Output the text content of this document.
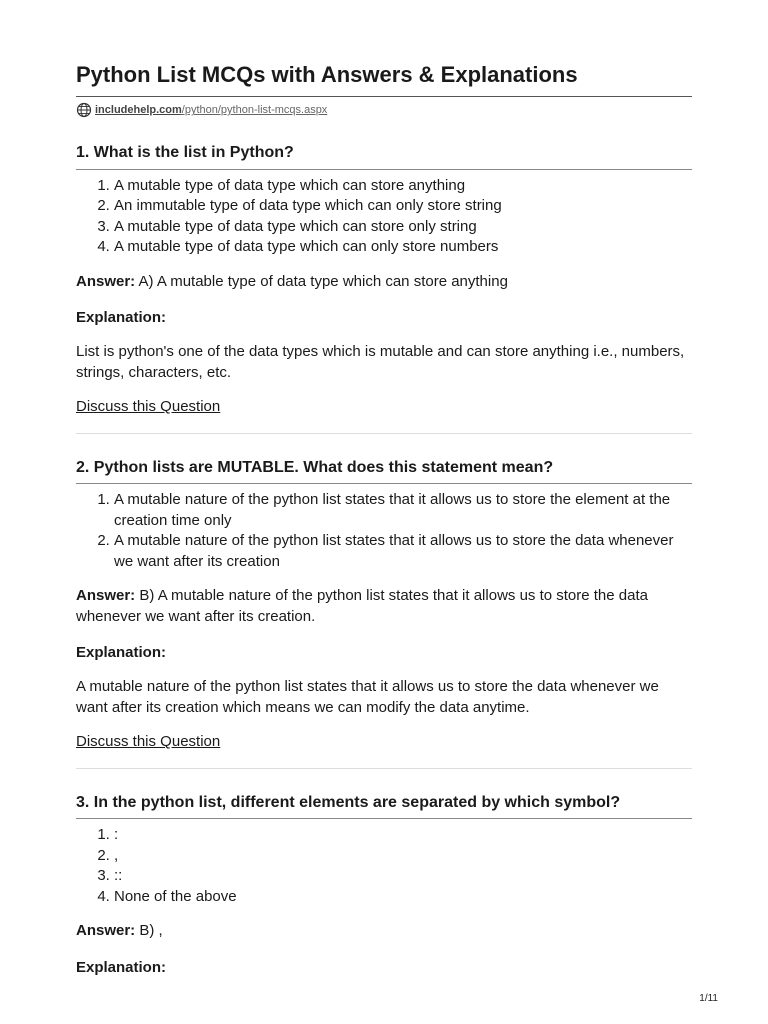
Python List MCQs with Answers & Explanations
includehelp.com /python/python-list-mcqs.aspx
1. What is the list in Python?
1. A mutable type of data type which can store anything
2. An immutable type of data type which can only store string
3. A mutable type of data type which can store only string
4. A mutable type of data type which can only store numbers

Answer: A) A mutable type of data type which can store anything

Explanation:

List is python's one of the data types which is mutable and can store anything i.e., numbers, strings, characters, etc.

Discuss this Question
2. Python lists are MUTABLE. What does this statement mean?
1. A mutable nature of the python list states that it allows us to store the element at the creation time only
2. A mutable nature of the python list states that it allows us to store the data whenever we want after its creation

Answer: B) A mutable nature of the python list states that it allows us to store the data whenever we want after its creation.

Explanation:

A mutable nature of the python list states that it allows us to store the data whenever we want after its creation which means we can modify the data anytime.

Discuss this Question
3. In the python list, different elements are separated by which symbol?
1. :
2. ,
3. ::
4. None of the above

Answer: B) ,

Explanation:

1/11
